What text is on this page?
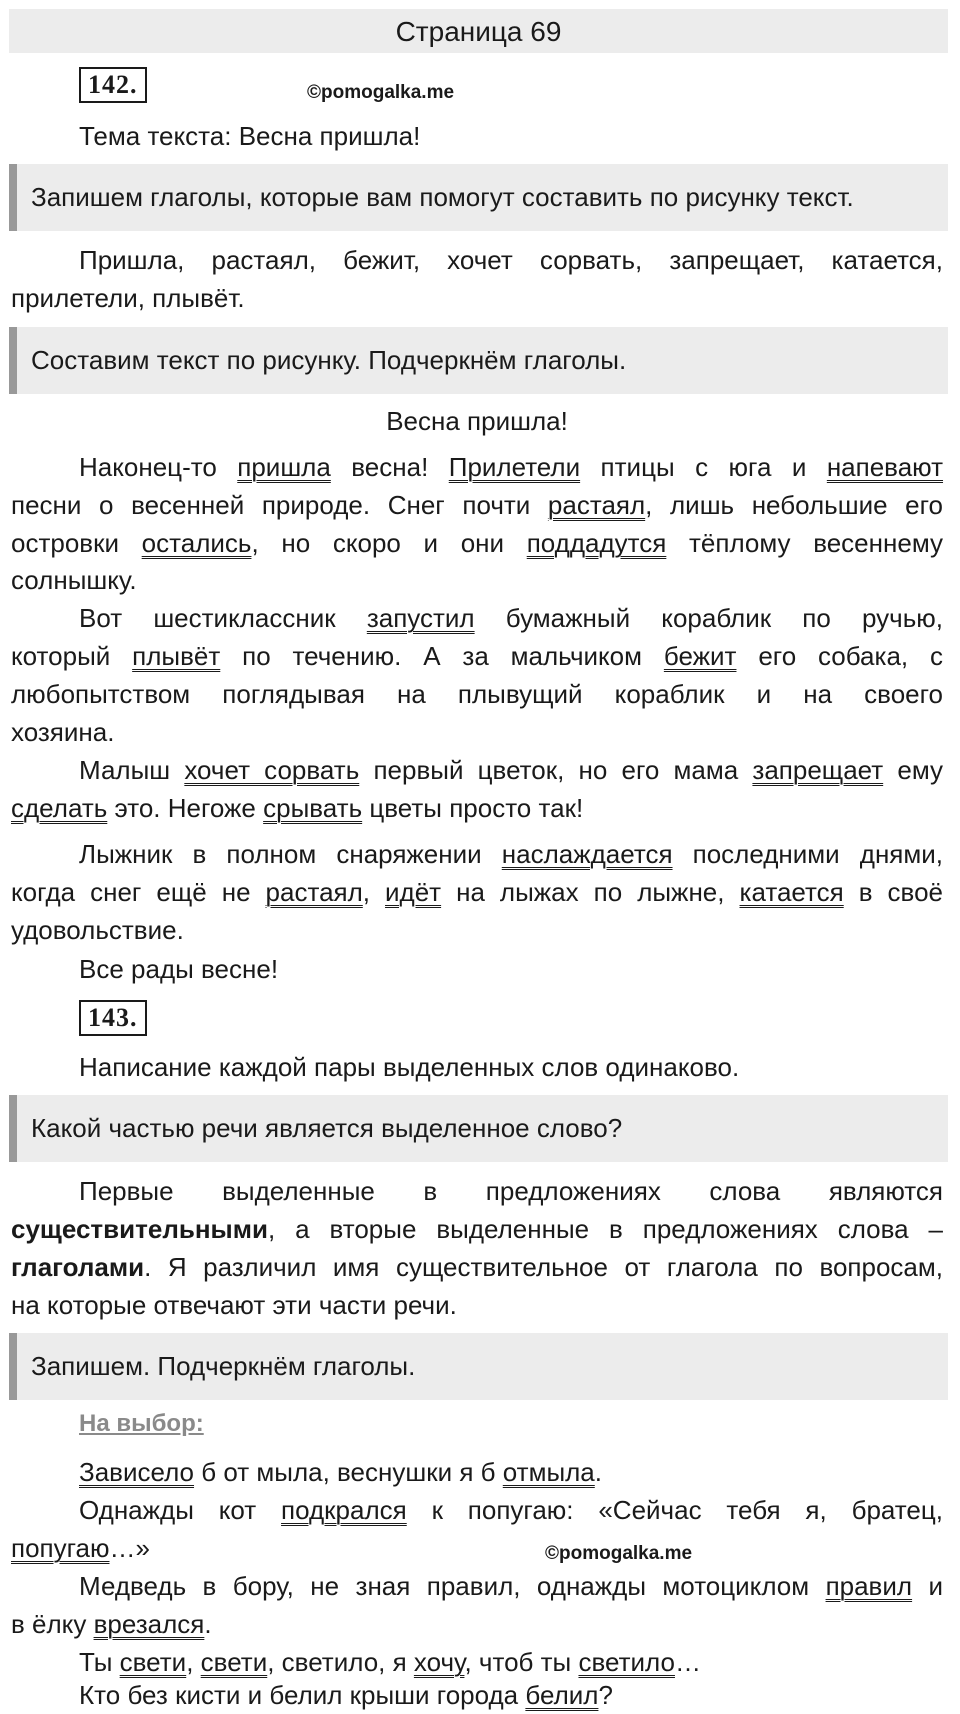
Страница 69
142.	©pomogalka.me
Тема текста: Весна пришла!
Запишем глаголы, которые вам помогут составить по рисунку текст.
Пришла, растаял, бежит, хочет сорвать, запрещает, катается,
прилетели, плывёт.
Составим текст по рисунку. Подчеркнём глаголы.
Весна пришла!
Наконец-то пришла весна! Прилетели птицы с юга и напевают
песни о весенней природе. Снег почти растаял, лишь небольшие его
островки остались, но скоро и они поддадутся тёплому весеннему
солнышку.
Вот шестиклассник запустил бумажный кораблик по ручью,
который плывёт по течению. А за мальчиком бежит его собака, с
любопытством поглядывая на плывущий кораблик и на своего
хозяина.
Малыш хочет сорвать первый цветок, но его мама запрещает ему
сделать это. Негоже срывать цветы просто так!
Лыжник в полном снаряжении наслаждается последними днями,
когда снег ещё не растаял, идёт на лыжах по лыжне, катается в своё
удовольствие.
Все рады весне!
143.
Написание каждой пары выделенных слов одинаково.
Какой частью речи является выделенное слово?
Первые выделенные в предложениях слова являются
существительными, а вторые выделенные в предложениях слова –
глаголами. Я различил имя существительное от глагола по вопросам,
на которые отвечают эти части речи.
Запишем. Подчеркнём глаголы.
На выбор:
Зависело б от мыла, веснушки я б отмыла.
Однажды кот подкрался к попугаю: «Сейчас тебя я, братец,
попугаю…»	©pomogalka.me
Медведь в бору, не зная правил, однажды мотоциклом правил и
в ёлку врезался.
Ты свети, свети, светило, я хочу, чтоб ты светило…
Кто без кисти и белил крыши города белил?
